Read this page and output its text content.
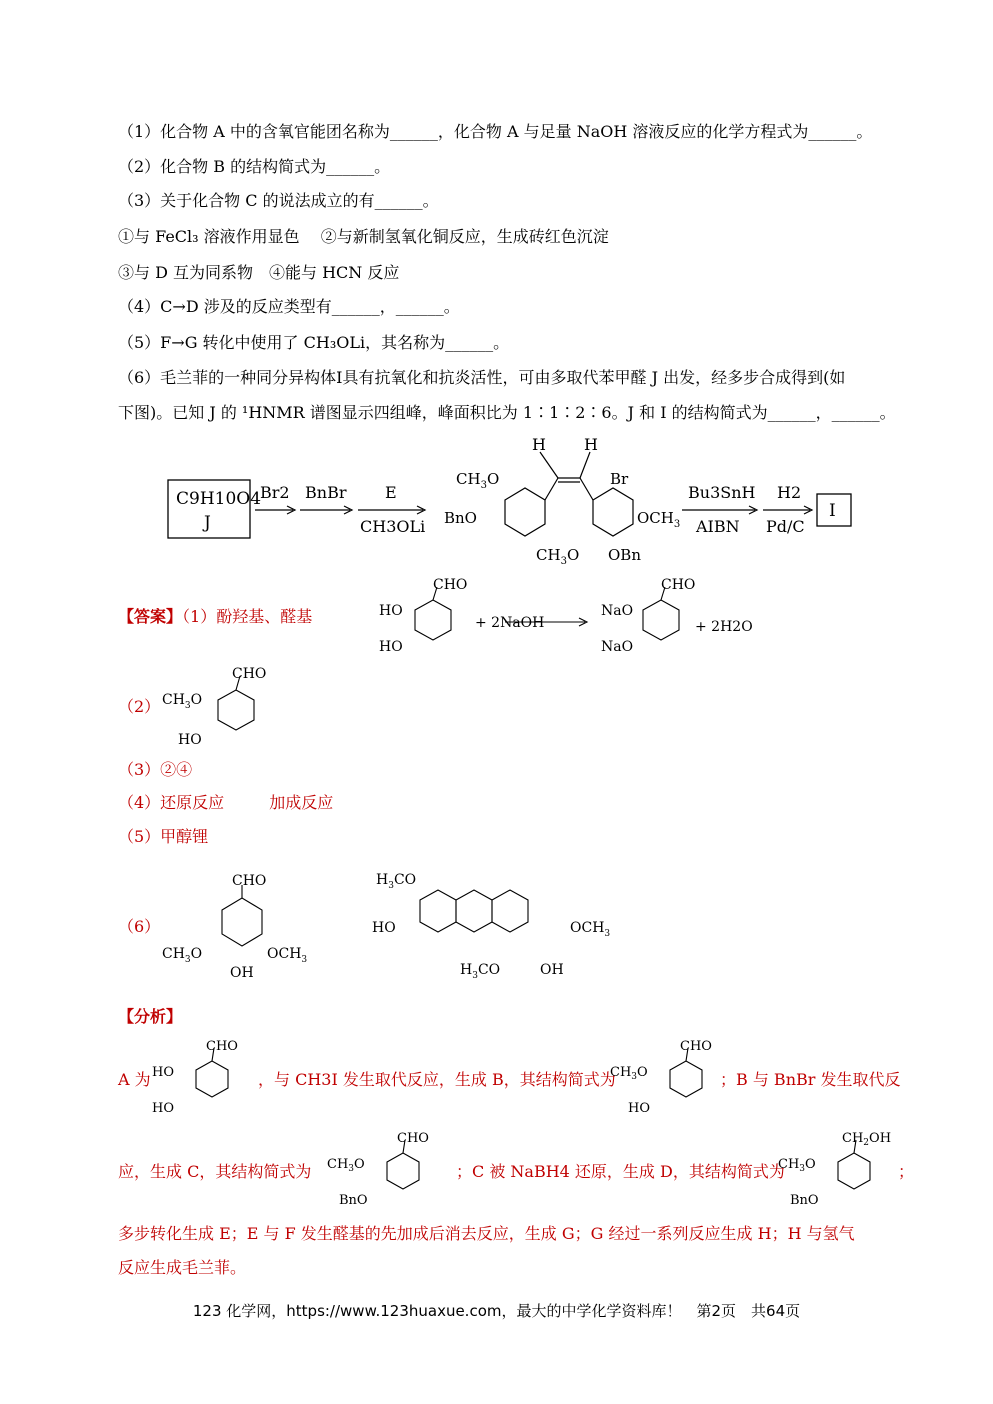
（1）化合物 A 中的含氧官能团名称为______，化合物 A 与足量 NaOH 溶液反应的化学方程式为______。
（2）化合物 B 的结构简式为______。
（3）关于化合物 C 的说法成立的有______。
①与 FeCl₃ 溶液作用显色　 ②与新制氢氧化铜反应，生成砖红色沉淀
③与 D 互为同系物　④能与 HCN 反应
（4）C→D 涉及的反应类型有______，______。
（5）F→G 转化中使用了 CH₃OLi，其名称为______。
（6）毛兰菲的一种同分异构体I具有抗氧化和抗炎活性，可由多取代苯甲醛 J 出发，经多步合成得到(如
下图)。已知 J 的 ¹HNMR 谱图显示四组峰，峰面积比为 1∶1∶2∶6。J 和 I 的结构简式为______，______。
C9H10O4
J
Br2 BnBr E
CH3OLi
Bu3SnH
AIBN
H2
Pd/C
I
H H
$CH_3O$
BnO
Br
$OCH_3$
$CH_3O$ OBn
【答案】（1）酚羟基、醛基
CHO
HO
HO
+ 2NaOH
CHO
NaO
NaO
+ 2H2O
（2）
CHO
$CH_3O$
HO
（3）②④
（4）还原反应	加成反应
（5）甲醇锂
（6）
CHO
$CH_3O$	$OCH_3$
OH
$H_3CO$
HO	$OCH_3$
$H_3CO$	OH
【分析】
A 为
CHO
HO
HO
，与 CH3I 发生取代反应，生成 B，其结构简式为
CHO
$CH_3O$
HO
；B 与 BnBr 发生取代反
应，生成 C，其结构简式为
CHO
$CH_3O$
BnO
；C 被 NaBH4 还原，生成 D，其结构简式为
$CH_2OH$
$CH_3O$
BnO
；
多步转化生成 E；E 与 F 发生醛基的先加成后消去反应，生成 G；G 经过一系列反应生成 H；H 与氢气
反应生成毛兰菲。
123 化学网，https://www.123huaxue.com，最大的中学化学资料库！　第2页　共64页
